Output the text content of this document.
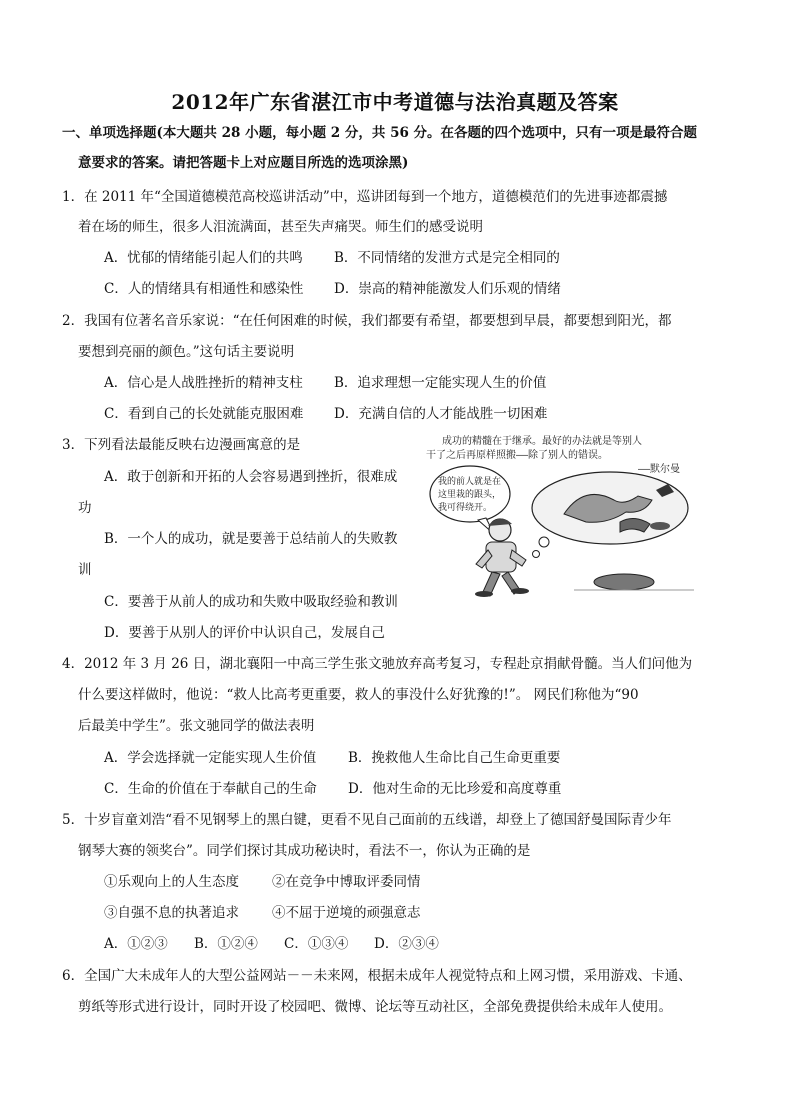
2012年广东省湛江市中考道德与法治真题及答案
一、单项选择题(本大题共 28 小题，每小题 2 分，共 56 分。在各题的四个选项中，只有一项是最符合题
意要求的答案。请把答题卡上对应题目所选的选项涂黑)
1．在 2011 年“全国道德模范高校巡讲活动”中，巡讲团每到一个地方，道德模范们的先进事迹都震撼
着在场的师生，很多人泪流满面，甚至失声痛哭。师生们的感受说明
A．忧郁的情绪能引起人们的共鸣 B．不同情绪的发泄方式是完全相同的
C．人的情绪具有相通性和感染性 D．崇高的精神能激发人们乐观的情绪
2．我国有位著名音乐家说：“在任何困难的时候，我们都要有希望，都要想到早晨，都要想到阳光，都
要想到亮丽的颜色。”这句话主要说明
A．信心是人战胜挫折的精神支柱 B．追求理想一定能实现人生的价值
C．看到自己的长处就能克服困难 D．充满自信的人才能战胜一切困难
3．下列看法最能反映右边漫画寓意的是
A．敢于创新和开拓的人会容易遇到挫折，很难成
功
B．一个人的成功，就是要善于总结前人的失败教
训
C．要善于从前人的成功和失败中吸取经验和教训
D．要善于从别人的评价中认识自己，发展自己
成功的精髓在于继承。最好的办法就是等别人
干了之后再原样照搬——除了别人的错误。
——默尔曼
我的前人就是在
这里栽的跟头，
我可得绕开。
4．2012 年 3 月 26 日，湖北襄阳一中高三学生张文驰放弃高考复习，专程赴京捐献骨髓。当人们问他为
什么要这样做时，他说：“救人比高考更重要，救人的事没什么好犹豫的!”。 网民们称他为“90
后最美中学生”。张文驰同学的做法表明
A．学会选择就一定能实现人生价值 B．挽救他人生命比自己生命更重要
C．生命的价值在于奉献自己的生命 D．他对生命的无比珍爱和高度尊重
5．十岁盲童刘浩“看不见钢琴上的黑白键，更看不见自己面前的五线谱，却登上了德国舒曼国际青少年
钢琴大赛的领奖台”。同学们探讨其成功秘诀时，看法不一，你认为正确的是
①乐观向上的人生态度 ②在竞争中博取评委同情
③自强不息的执著追求 ④不屈于逆境的顽强意志
A．①②③ B．①②④ C．①③④ D．②③④
6．全国广大未成年人的大型公益网站－－未来网，根据未成年人视觉特点和上网习惯，采用游戏、卡通、
剪纸等形式进行设计，同时开设了校园吧、微博、论坛等互动社区，全部免费提供给未成年人使用。
